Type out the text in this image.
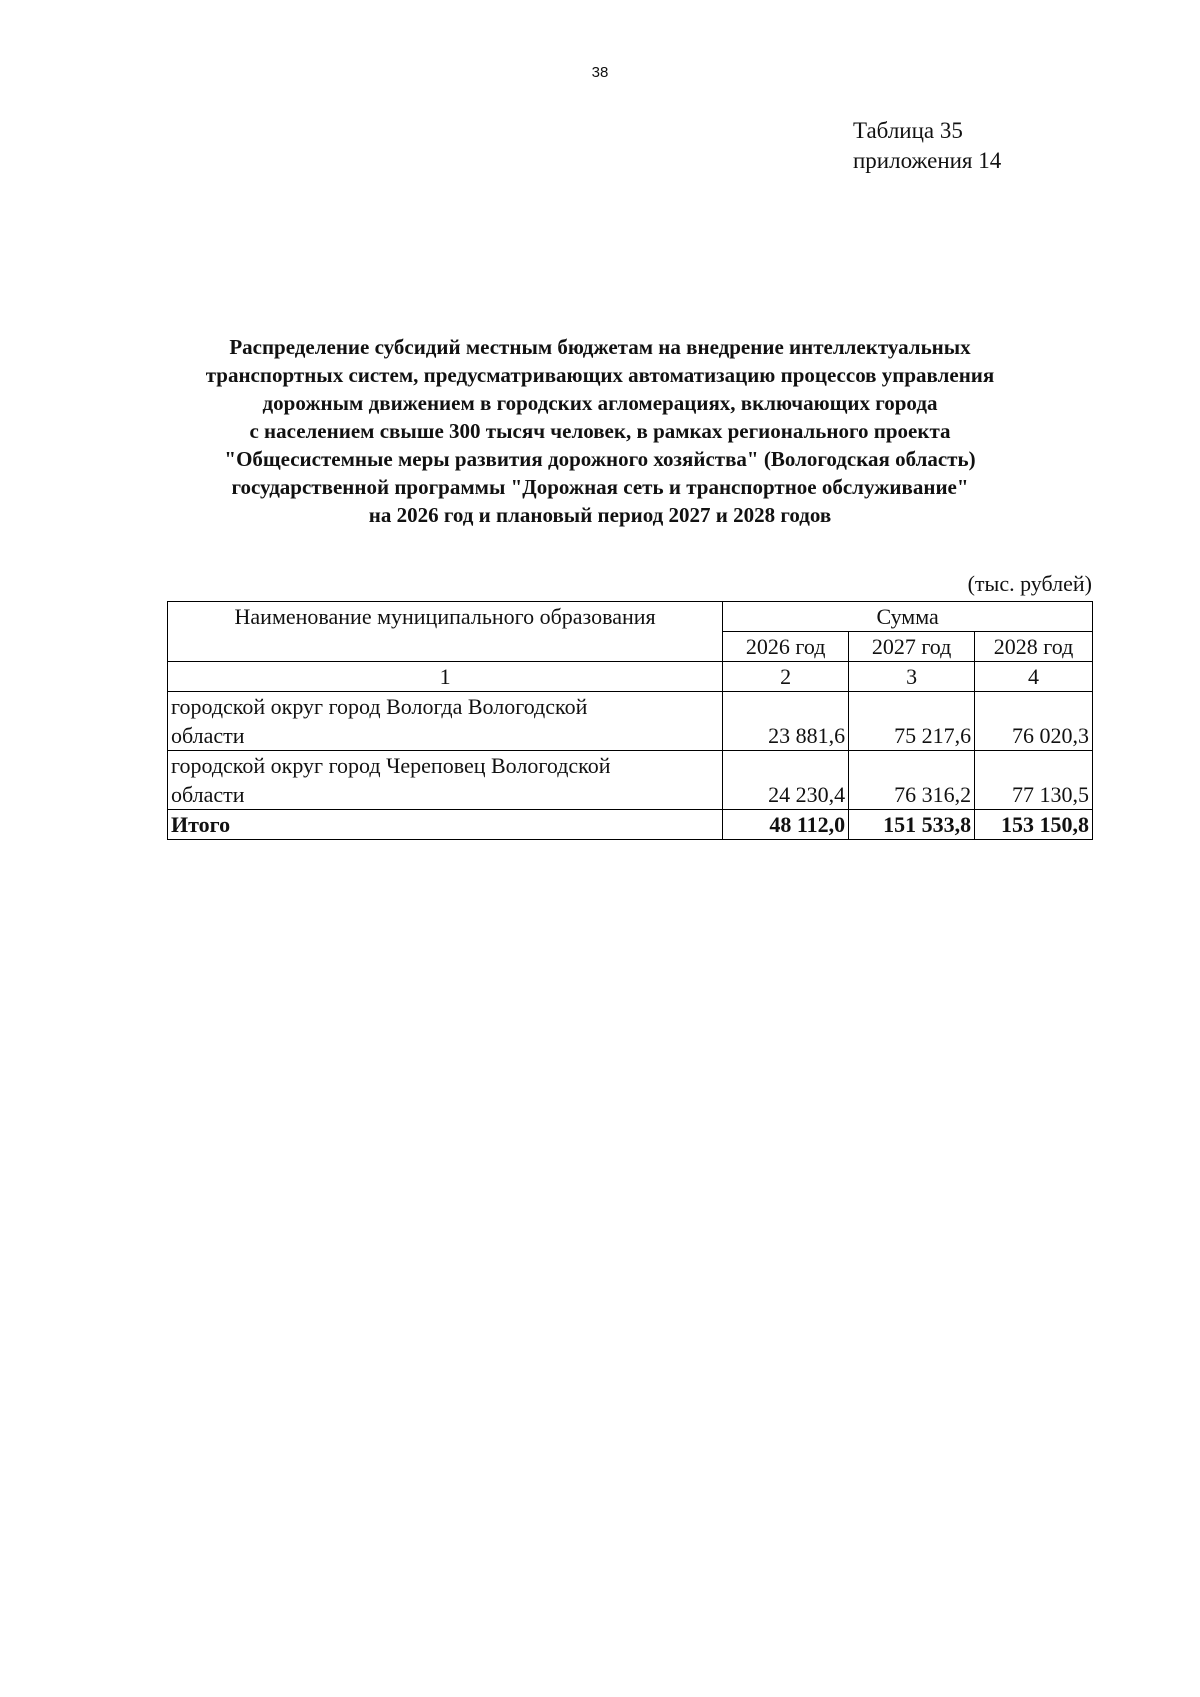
38
Таблица 35
приложения 14
Распределение субсидий местным бюджетам на внедрение интеллектуальных
транспортных систем, предусматривающих автоматизацию процессов управления
дорожным движением в городских агломерациях, включающих города
с населением свыше 300 тысяч человек, в рамках регионального проекта
"Общесистемные меры развития дорожного хозяйства" (Вологодская область)
государственной программы "Дорожная сеть и транспортное обслуживание"
на 2026 год и плановый период 2027 и 2028 годов
(тыс. рублей)
Наименование муниципального образования	Сумма		
	2026 год	2027 год	2028 год
1	2	3	4

городской округ город Вологда Вологодской
области	23 881,6	75 217,6	76 020,3

городской округ город Череповец Вологодской
области	24 230,4	76 316,2	77 130,5
Итого	48 112,0	151 533,8	153 150,8
